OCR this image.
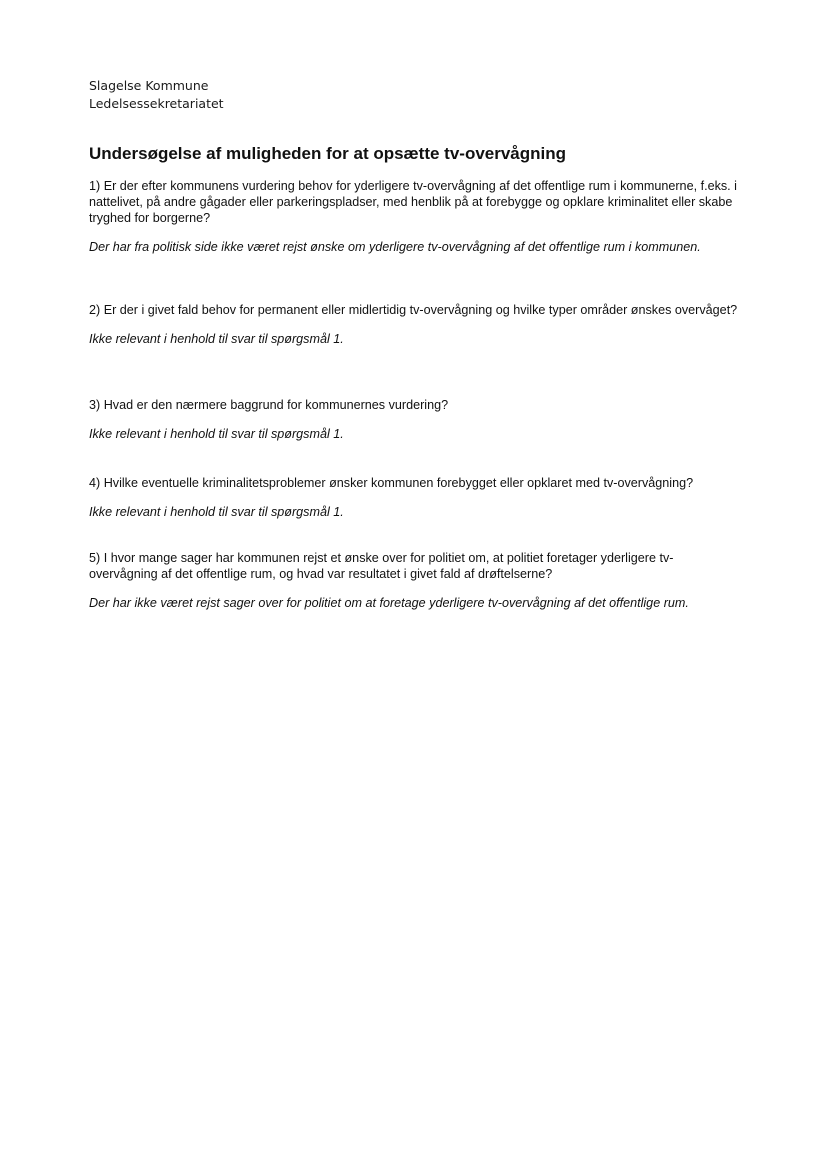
Slagelse Kommune
Ledelsessekretariatet
Undersøgelse af muligheden for at opsætte tv-overvågning

1) Er der efter kommunens vurdering behov for yderligere tv-overvågning af det offentlige rum i kommunerne, f.eks. i nattelivet, på andre gågader eller parkeringspladser, med henblik på at forebygge og opklare kriminalitet eller skabe tryghed for borgerne?

Der har fra politisk side ikke været rejst ønske om yderligere tv-overvågning af det offentlige rum i kommunen.

2) Er der i givet fald behov for permanent eller midlertidig tv-overvågning og hvilke typer områder ønskes overvåget?

Ikke relevant i henhold til svar til spørgsmål 1.

3) Hvad er den nærmere baggrund for kommunernes vurdering?

Ikke relevant i henhold til svar til spørgsmål 1.

4) Hvilke eventuelle kriminalitetsproblemer ønsker kommunen forebygget eller opklaret med tv-overvågning?

Ikke relevant i henhold til svar til spørgsmål 1.

5) I hvor mange sager har kommunen rejst et ønske over for politiet om, at politiet foretager yderligere tv-overvågning af det offentlige rum, og hvad var resultatet i givet fald af drøftelserne?

Der har ikke været rejst sager over for politiet om at foretage yderligere tv-overvågning af det offentlige rum.
